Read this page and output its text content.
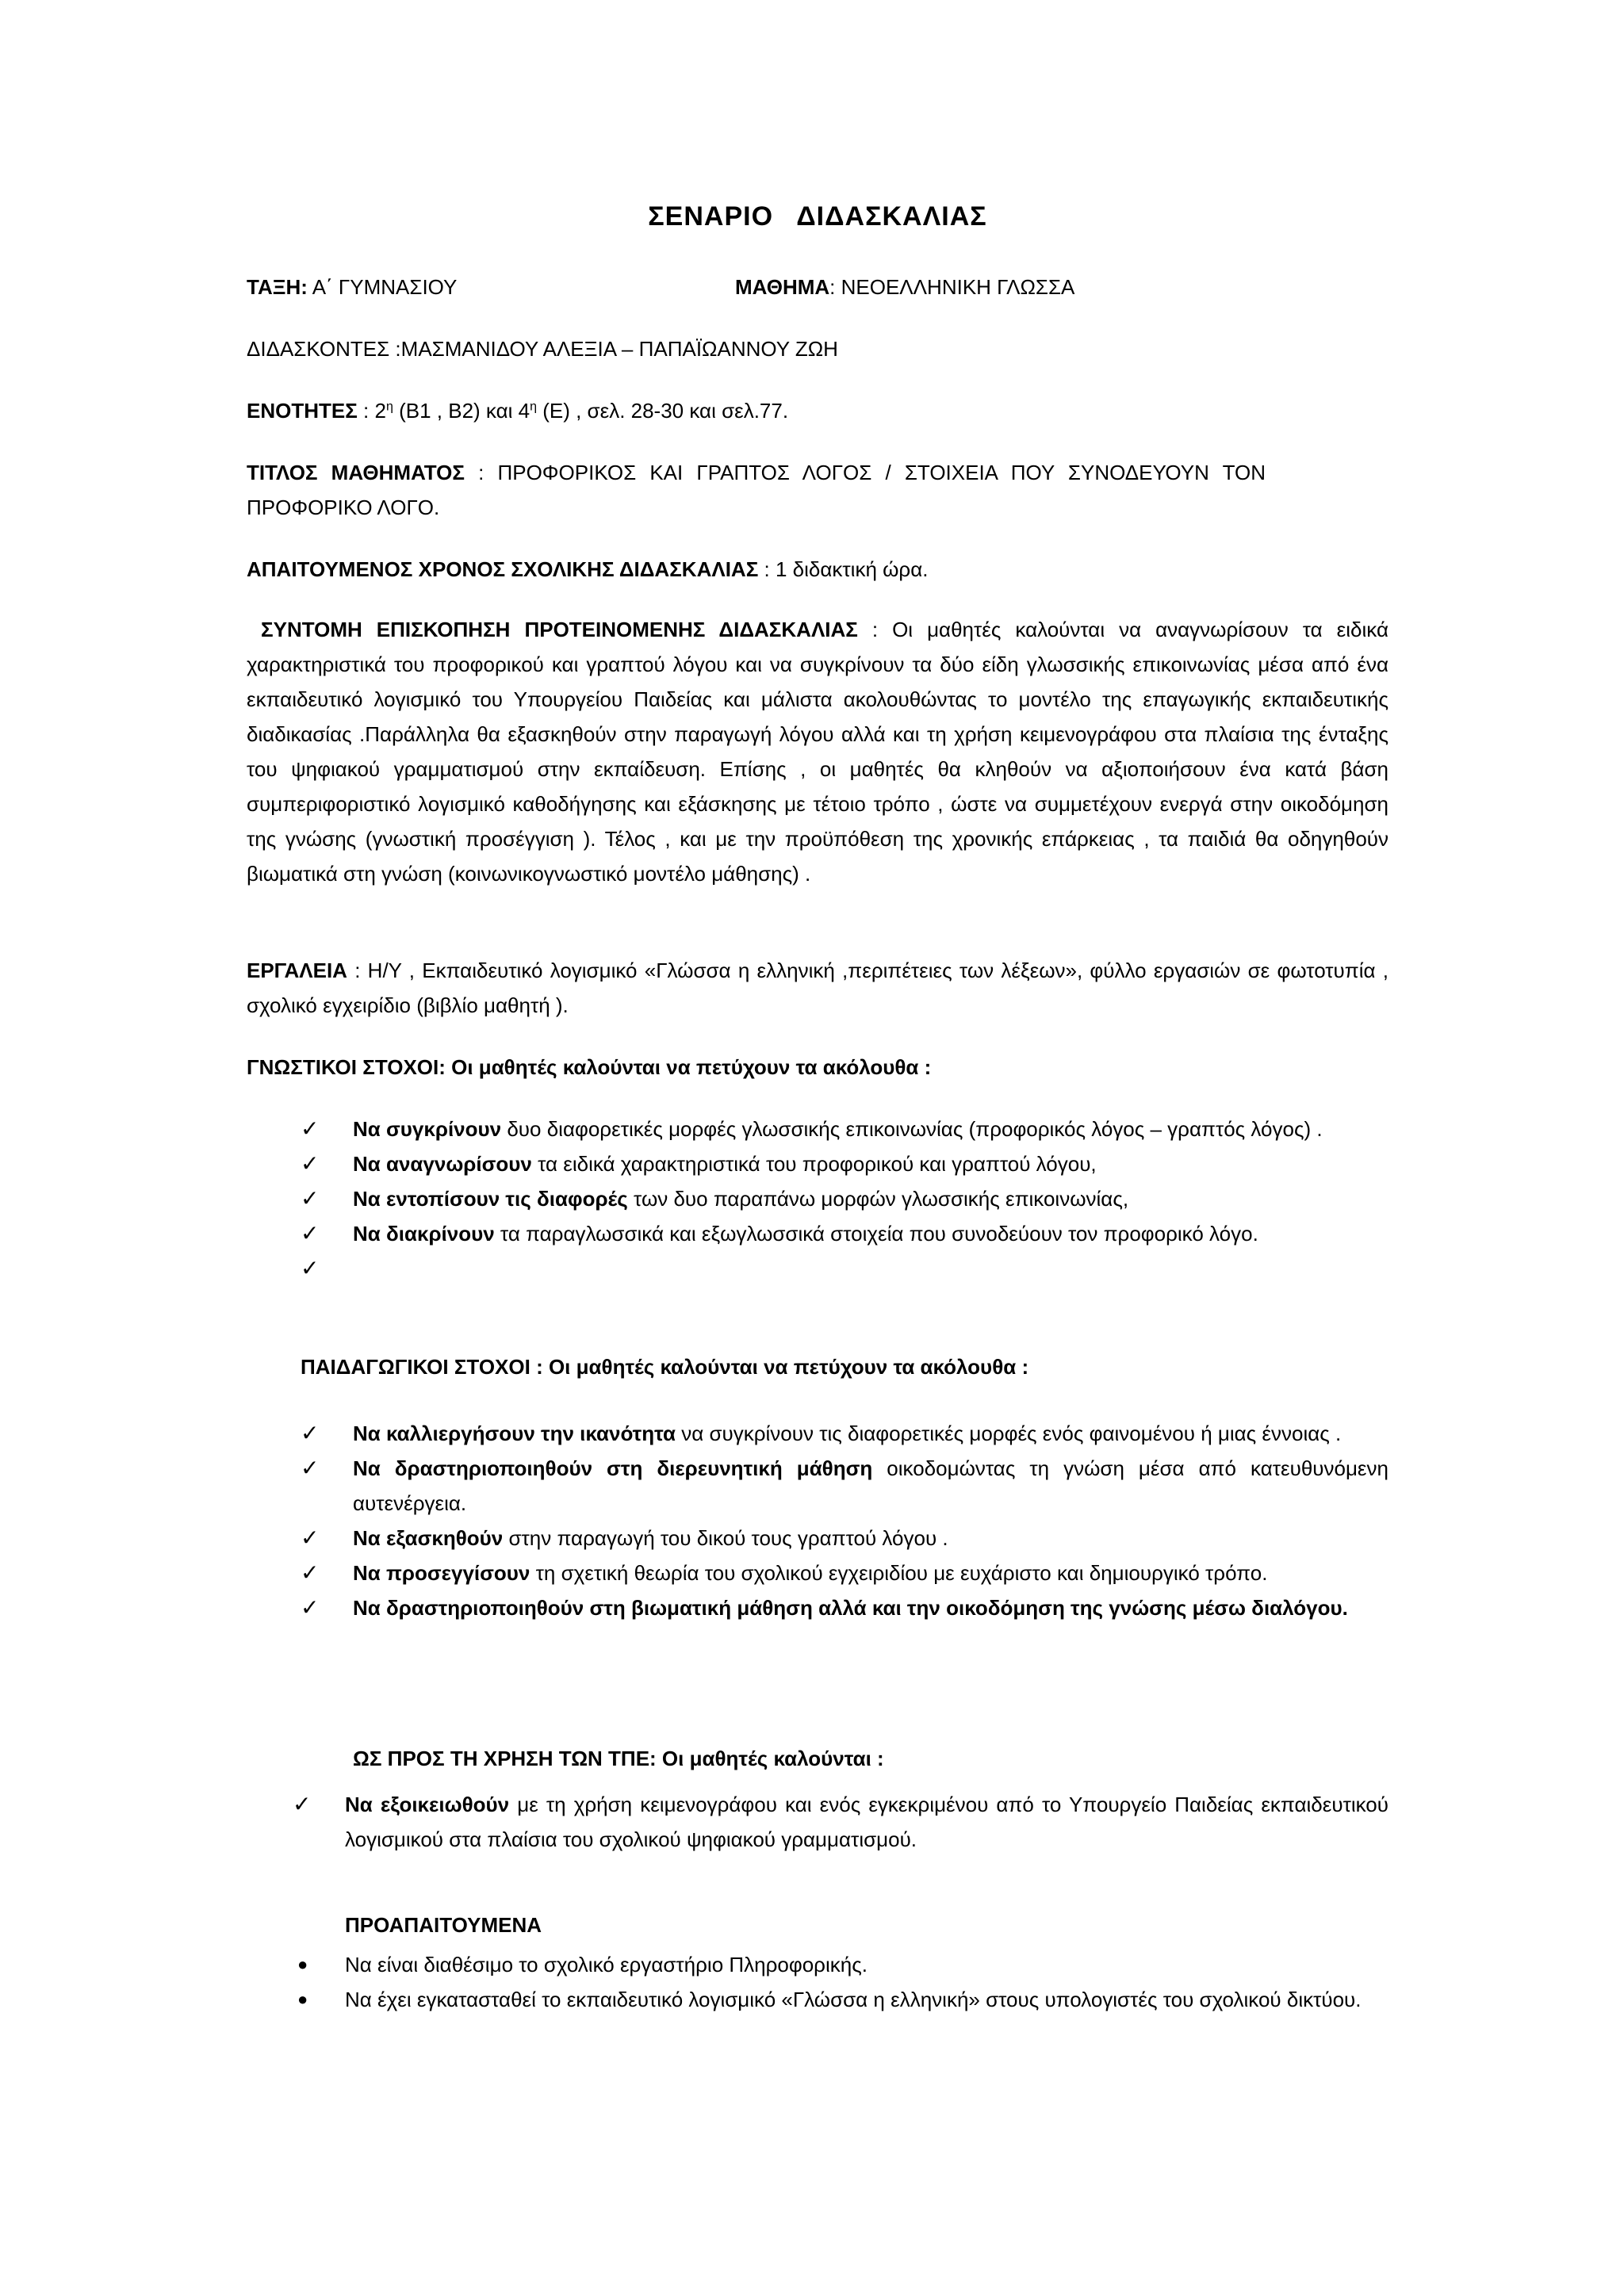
ΣΕΝΑΡΙΟ ΔΙΔΑΣΚΑΛΙΑΣ
ΤΑΞΗ: Α΄ ΓΥΜΝΑΣΙΟΥ	ΜΑΘΗΜΑ: ΝΕΟΕΛΛΗΝΙΚΗ ΓΛΩΣΣΑ
ΔΙΔΑΣΚΟΝΤΕΣ :ΜΑΣΜΑΝΙΔΟΥ ΑΛΕΞΙΑ – ΠΑΠΑΪΩΑΝΝΟΥ ΖΩΗ
ΕΝΟΤΗΤΕΣ : $2^\eta$ (Β1 , Β2) και $4^\eta$ (Ε) , σελ. 28-30 και σελ.77.
ΤΙΤΛΟΣ ΜΑΘΗΜΑΤΟΣ : ΠΡΟΦΟΡΙΚΟΣ ΚΑΙ ΓΡΑΠΤΟΣ ΛΟΓΟΣ / ΣΤΟΙΧΕΙΑ ΠΟΥ ΣΥΝΟΔΕΥΟΥΝ ΤΟΝ ΠΡΟΦΟΡΙΚΟ ΛΟΓΟ.
ΑΠΑΙΤΟΥΜΕΝΟΣ ΧΡΟΝΟΣ ΣΧΟΛΙΚΗΣ ΔΙΔΑΣΚΑΛΙΑΣ : 1 διδακτική ώρα.
ΣΥΝΤΟΜΗ ΕΠΙΣΚΟΠΗΣΗ ΠΡΟΤΕΙΝΟΜΕΝΗΣ ΔΙΔΑΣΚΑΛΙΑΣ : Οι μαθητές καλούνται να αναγνωρίσουν τα ειδικά χαρακτηριστικά του προφορικού και γραπτού λόγου και να συγκρίνουν τα δύο είδη γλωσσικής επικοινωνίας μέσα από ένα εκπαιδευτικό λογισμικό του Υπουργείου Παιδείας και μάλιστα ακολουθώντας το μοντέλο της επαγωγικής εκπαιδευτικής διαδικασίας .Παράλληλα θα εξασκηθούν στην παραγωγή λόγου αλλά και τη χρήση κειμενογράφου στα πλαίσια της ένταξης του ψηφιακού γραμματισμού στην εκπαίδευση. Επίσης , οι μαθητές θα κληθούν να αξιοποιήσουν ένα κατά βάση συμπεριφοριστικό λογισμικό καθοδήγησης και εξάσκησης με τέτοιο τρόπο , ώστε να συμμετέχουν ενεργά στην οικοδόμηση της γνώσης (γνωστική προσέγγιση ). Τέλος , και με την προϋπόθεση της χρονικής επάρκειας , τα παιδιά θα οδηγηθούν βιωματικά στη γνώση (κοινωνικογνωστικό μοντέλο μάθησης) .
ΕΡΓΑΛΕΙΑ : Η/Υ , Εκπαιδευτικό λογισμικό «Γλώσσα η ελληνική ,περιπέτειες των λέξεων», φύλλο εργασιών σε φωτοτυπία , σχολικό εγχειρίδιο (βιβλίο μαθητή ).
ΓΝΩΣΤΙΚΟΙ ΣΤΟΧΟΙ: Οι μαθητές καλούνται να πετύχουν τα ακόλουθα :
✓ Να συγκρίνουν δυο διαφορετικές μορφές γλωσσικής επικοινωνίας (προφορικός λόγος – γραπτός λόγος) .
✓ Να αναγνωρίσουν τα ειδικά χαρακτηριστικά του προφορικού και γραπτού λόγου,
✓ Να εντοπίσουν τις διαφορές των δυο παραπάνω μορφών γλωσσικής επικοινωνίας,
✓ Να διακρίνουν τα παραγλωσσικά και εξωγλωσσικά στοιχεία που συνοδεύουν τον προφορικό λόγο.
✓
ΠΑΙΔΑΓΩΓΙΚΟΙ ΣΤΟΧΟΙ : Οι μαθητές καλούνται να πετύχουν τα ακόλουθα :
✓ Να καλλιεργήσουν την ικανότητα να συγκρίνουν τις διαφορετικές μορφές ενός φαινομένου ή μιας έννοιας .
✓ Να δραστηριοποιηθούν στη διερευνητική μάθηση οικοδομώντας τη γνώση μέσα από κατευθυνόμενη αυτενέργεια.
✓ Να εξασκηθούν στην παραγωγή του δικού τους γραπτού λόγου .
✓ Να προσεγγίσουν τη σχετική θεωρία του σχολικού εγχειριδίου με ευχάριστο και δημιουργικό τρόπο.
✓ Να δραστηριοποιηθούν στη βιωματική μάθηση αλλά και την οικοδόμηση της γνώσης μέσω διαλόγου.
ΩΣ ΠΡΟΣ ΤΗ ΧΡΗΣΗ ΤΩΝ ΤΠΕ: Οι μαθητές καλούνται :
✓ Να εξοικειωθούν με τη χρήση κειμενογράφου και ενός εγκεκριμένου από το Υπουργείο Παιδείας εκπαιδευτικού λογισμικού στα πλαίσια του σχολικού ψηφιακού γραμματισμού.
ΠΡΟΑΠΑΙΤΟΥΜΕΝΑ
● Να είναι διαθέσιμο το σχολικό εργαστήριο Πληροφορικής.
● Να έχει εγκατασταθεί το εκπαιδευτικό λογισμικό «Γλώσσα η ελληνική» στους υπολογιστές του σχολικού δικτύου.
